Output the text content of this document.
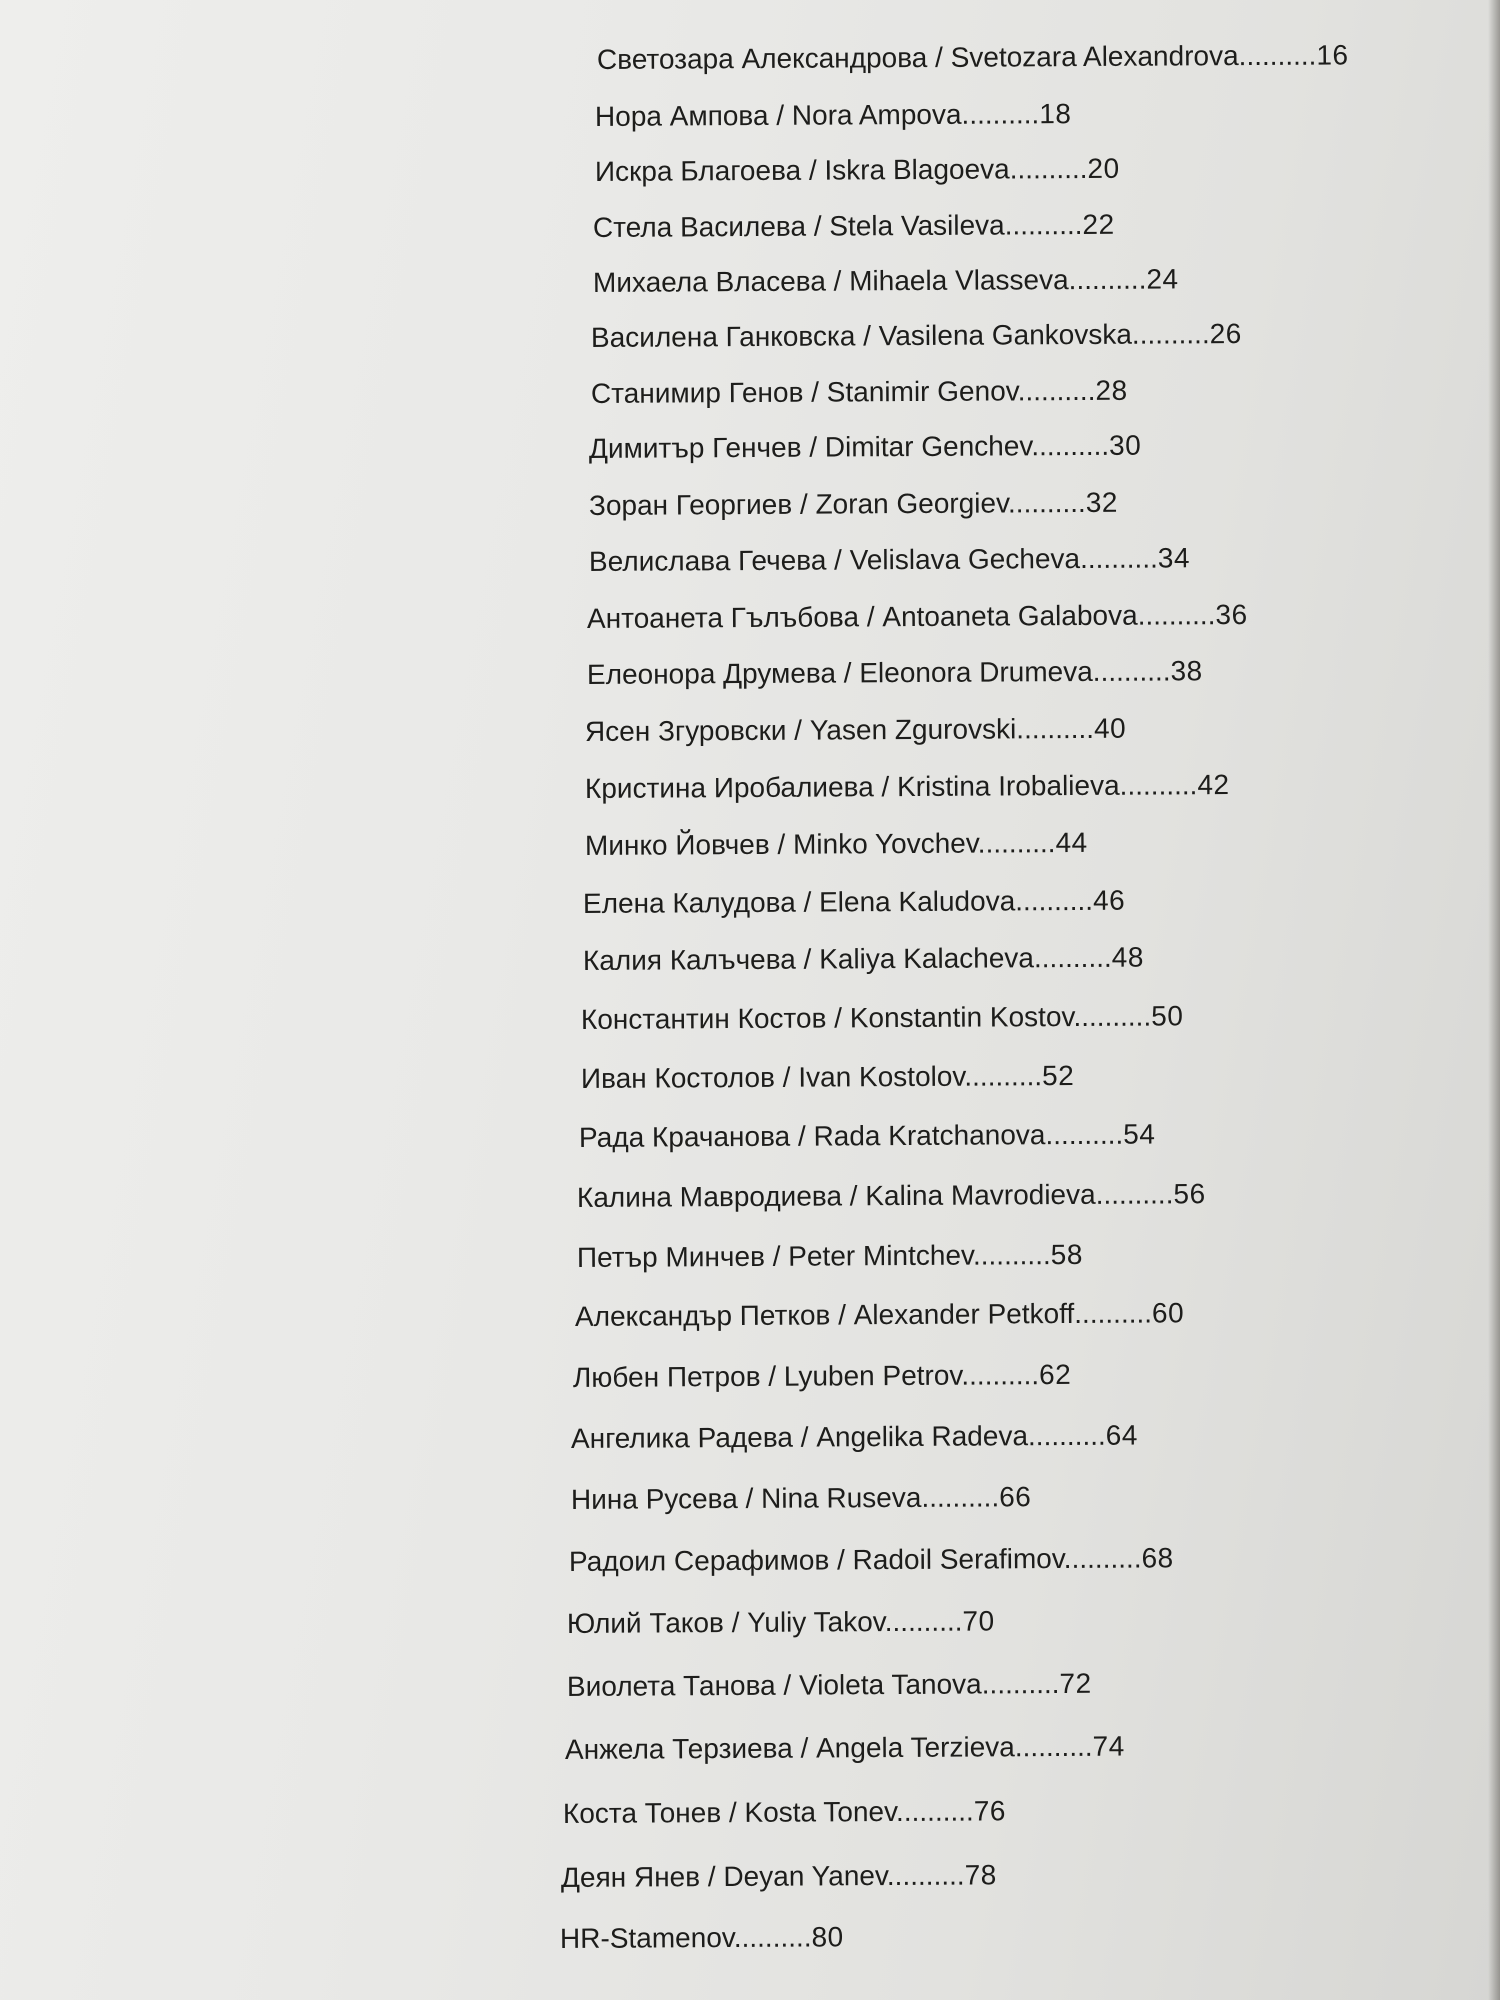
Светозара Александрова / Svetozara Alexandrova..........16
Нора Ампова / Nora Ampova..........18
Искра Благоева / Iskra Blagoeva..........20
Стела Василева / Stela Vasileva..........22
Михаела Власева / Mihaela Vlasseva..........24
Василена Ганковска / Vasilena Gankovska..........26
Станимир Генов / Stanimir Genov..........28
Димитър Генчев / Dimitar Genchev..........30
Зоран Георгиев / Zoran Georgiev..........32
Велислава Гечева / Velislava Gecheva..........34
Антоанета Гълъбова / Antoaneta Galabova..........36
Елеонора Друмева / Eleonora Drumeva..........38
Ясен Згуровски / Yasen Zgurovski..........40
Кристина Иробалиева / Kristina Irobalieva..........42
Минко Йовчев / Minko Yovchev..........44
Елена Калудова / Elena Kaludova..........46
Калия Калъчева / Kaliya Kalacheva..........48
Константин Костов / Konstantin Kostov..........50
Иван Костолов / Ivan Kostolov..........52
Рада Крачанова / Rada Kratchanova..........54
Калина Мавродиева / Kalina Mavrodieva..........56
Петър Минчев / Peter Mintchev..........58
Александър Петков / Alexander Petkoff..........60
Любен Петров / Lyuben Petrov..........62
Ангелика Радева / Angelika Radeva..........64
Нина Русева / Nina Ruseva..........66
Радоил Серафимов / Radoil Serafimov..........68
Юлий Таков / Yuliy Takov..........70
Виолета Танова / Violeta Tanova..........72
Анжела Терзиева / Angela Terzieva..........74
Коста Тонев / Kosta Tonev..........76
Деян Янев / Deyan Yanev..........78
HR-Stamenov..........80
